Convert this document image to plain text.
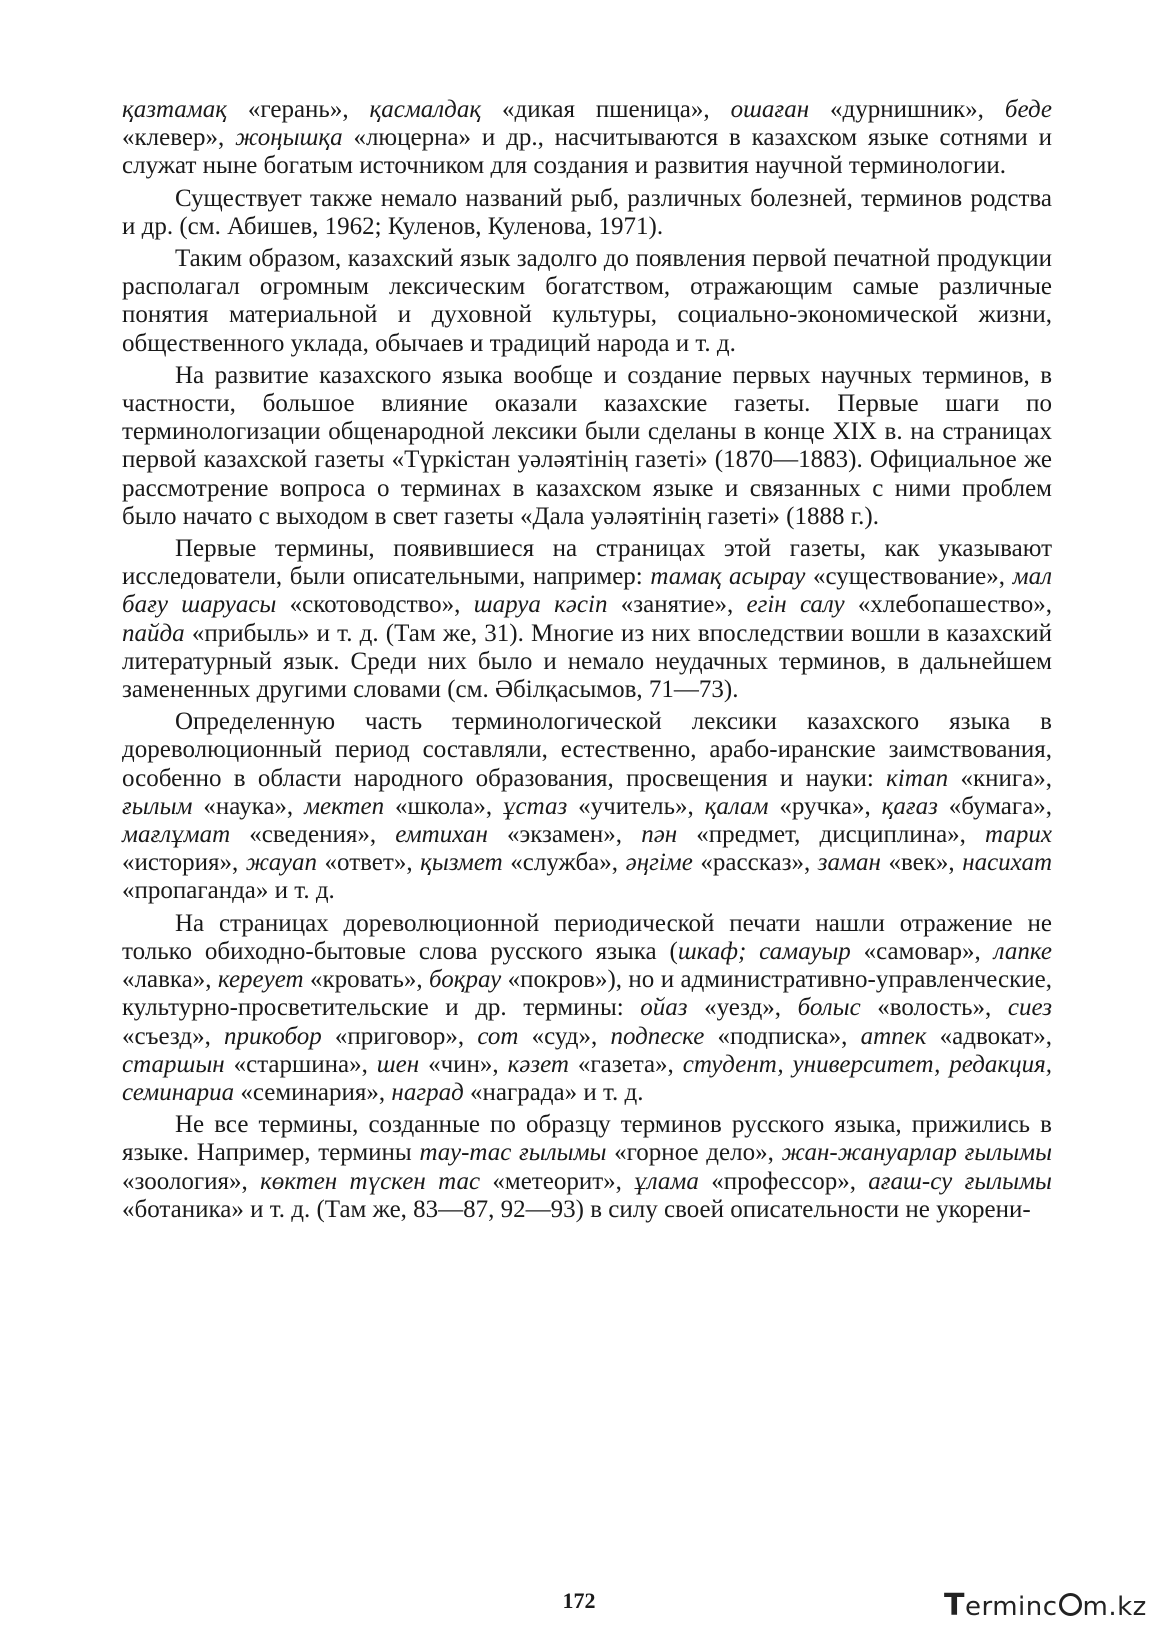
қазтамақ «герань», қасмалдақ «дикая пшеница», ошаған «дурнишник», беде «клевер», жоңышқа «люцерна» и др., насчитываются в казахском языке сотнями и служат ныне богатым источником для создания и развития научной терминологии.

Существует также немало названий рыб, различных болезней, терминов родства и др. (см. Абишев, 1962; Куленов, Куленова, 1971).

Таким образом, казахский язык задолго до появления первой печатной продукции располагал огромным лексическим богатством, отражающим самые различные понятия материальной и духовной культуры, социально-экономической жизни, общественного уклада, обычаев и традиций народа и т. д.

На развитие казахского языка вообще и создание первых научных терминов, в частности, большое влияние оказали казахские газеты. Первые шаги по терминологизации общенародной лексики были сделаны в конце XIX в. на страницах первой казахской газеты «Түркістан уәләятінің газеті» (1870—1883). Официальное же рассмотрение вопроса о терминах в казахском языке и связанных с ними проблем было начато с выходом в свет газеты «Дала уәләятінің газеті» (1888 г.).

Первые термины, появившиеся на страницах этой газеты, как указывают исследователи, были описательными, например: тамақ асырау «существование», мал бағу шаруасы «скотоводство», шаруа кәсіп «занятие», егін салу «хлебопашество», пайда «прибыль» и т. д. (Там же, 31). Многие из них впоследствии вошли в казахский литературный язык. Среди них было и немало неудачных терминов, в дальнейшем замененных другими словами (см. Әбілқасымов, 71—73).

Определенную часть терминологической лексики казахского языка в дореволюционный период составляли, естественно, арабо-иранские заимствования, особенно в области народного образования, просвещения и науки: кітап «книга», ғылым «наука», мектеп «школа», ұстаз «учитель», қалам «ручка», қағаз «бумага», мағлұмат «сведения», емтихан «экзамен», пән «предмет, дисциплина», тарих «история», жауап «ответ», қызмет «служба», әңгіме «рассказ», заман «век», насихат «пропаганда» и т. д.

На страницах дореволюционной периодической печати нашли отражение не только обиходно-бытовые слова русского языка (шкаф; самауыр «самовар», лапке «лавка», кереует «кровать», боқрау «покров»), но и административно-управленческие, культурно-просветительские и др. термины: ойаз «уезд», болыс «волость», сиез «съезд», прикобор «приговор», сот «суд», подпеске «подписка», атпек «адвокат», старшын «старшина», шен «чин», кәзет «газета», студент, университет, редакция, семинариа «семинария», наград «награда» и т. д.

Не все термины, созданные по образцу терминов русского языка, прижились в языке. Например, термины тау-тас ғылымы «горное дело», жан-жануарлар ғылымы «зоология», көктен түскен тас «метеорит», ұлама «профессор», ағаш-су ғылымы «ботаника» и т. д. (Там же, 83—87, 92—93) в силу своей описательности не укорени-

172	Terminc m.kz
